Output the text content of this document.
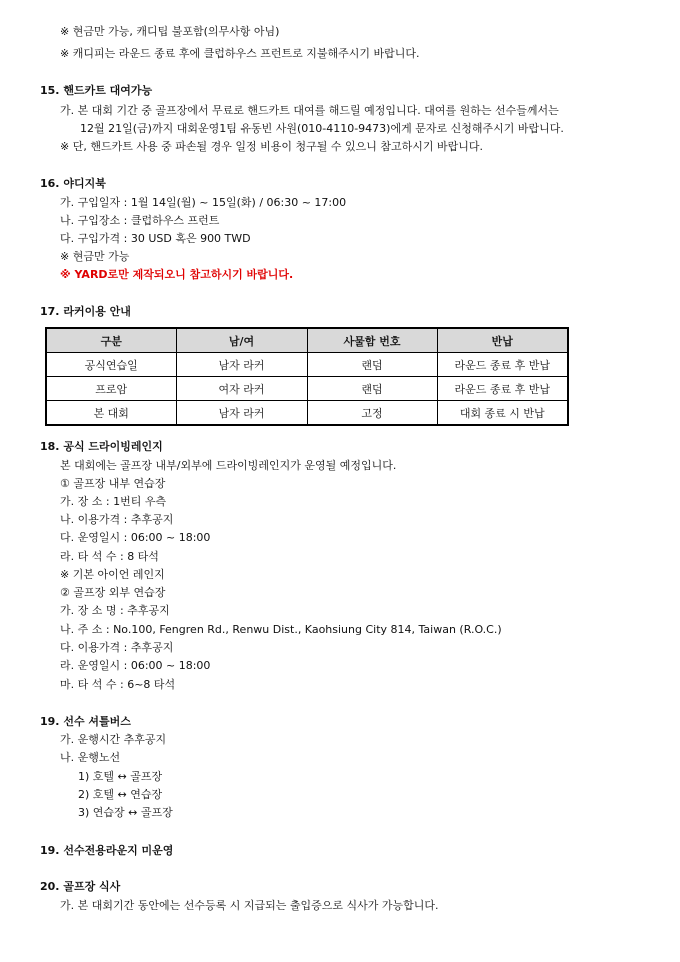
※ 현금만 가능, 캐디팁 불포함(의무사항 아님)
※ 캐디피는 라운드 종료 후에 클럽하우스 프런트로 지불해주시기 바랍니다.
15. 핸드카트 대여가능
가. 본 대회 기간 중 골프장에서 무료로 핸드카트 대여를 해드릴 예정입니다. 대여를 원하는 선수들께서는
12월 21일(금)까지 대회운영1팀 유동빈 사원(010-4110-9473)에게 문자로 신청해주시기 바랍니다.
※ 단, 핸드카트 사용 중 파손될 경우 일정 비용이 청구될 수 있으니 참고하시기 바랍니다.
16. 야디지북
가. 구입일자 : 1월 14일(월) ~ 15일(화) / 06:30 ~ 17:00
나. 구입장소 : 클럽하우스 프런트
다. 구입가격 : 30 USD 혹은 900 TWD
※ 현금만 가능
※ YARD로만 제작되오니 참고하시기 바랍니다.
17. 라커이용 안내
구분	남/여	사물함 번호	반납
공식연습일	남자 라커	랜덤	라운드 종료 후 반납
프로암	여자 라커	랜덤	라운드 종료 후 반납
본 대회	남자 라커	고정	대회 종료 시 반납
18. 공식 드라이빙레인지
본 대회에는 골프장 내부/외부에 드라이빙레인지가 운영될 예정입니다.
① 골프장 내부 연습장
가. 장 소 : 1번티 우측
나. 이용가격 : 추후공지
다. 운영일시 : 06:00 ~ 18:00
라. 타 석 수 : 8 타석
※ 기본 아이언 레인지
② 골프장 외부 연습장
가. 장 소 명 : 추후공지
나. 주 소 : No.100, Fengren Rd., Renwu Dist., Kaohsiung City 814, Taiwan (R.O.C.)
다. 이용가격 : 추후공지
라. 운영일시 : 06:00 ~ 18:00
마. 타 석 수 : 6~8 타석
19. 선수 셔틀버스
가. 운행시간 추후공지
나. 운행노선
1) 호텔 ↔ 골프장
2) 호텔 ↔ 연습장
3) 연습장 ↔ 골프장
19. 선수전용라운지 미운영
20. 골프장 식사
가. 본 대회기간 동안에는 선수등록 시 지급되는 출입증으로 식사가 가능합니다.
